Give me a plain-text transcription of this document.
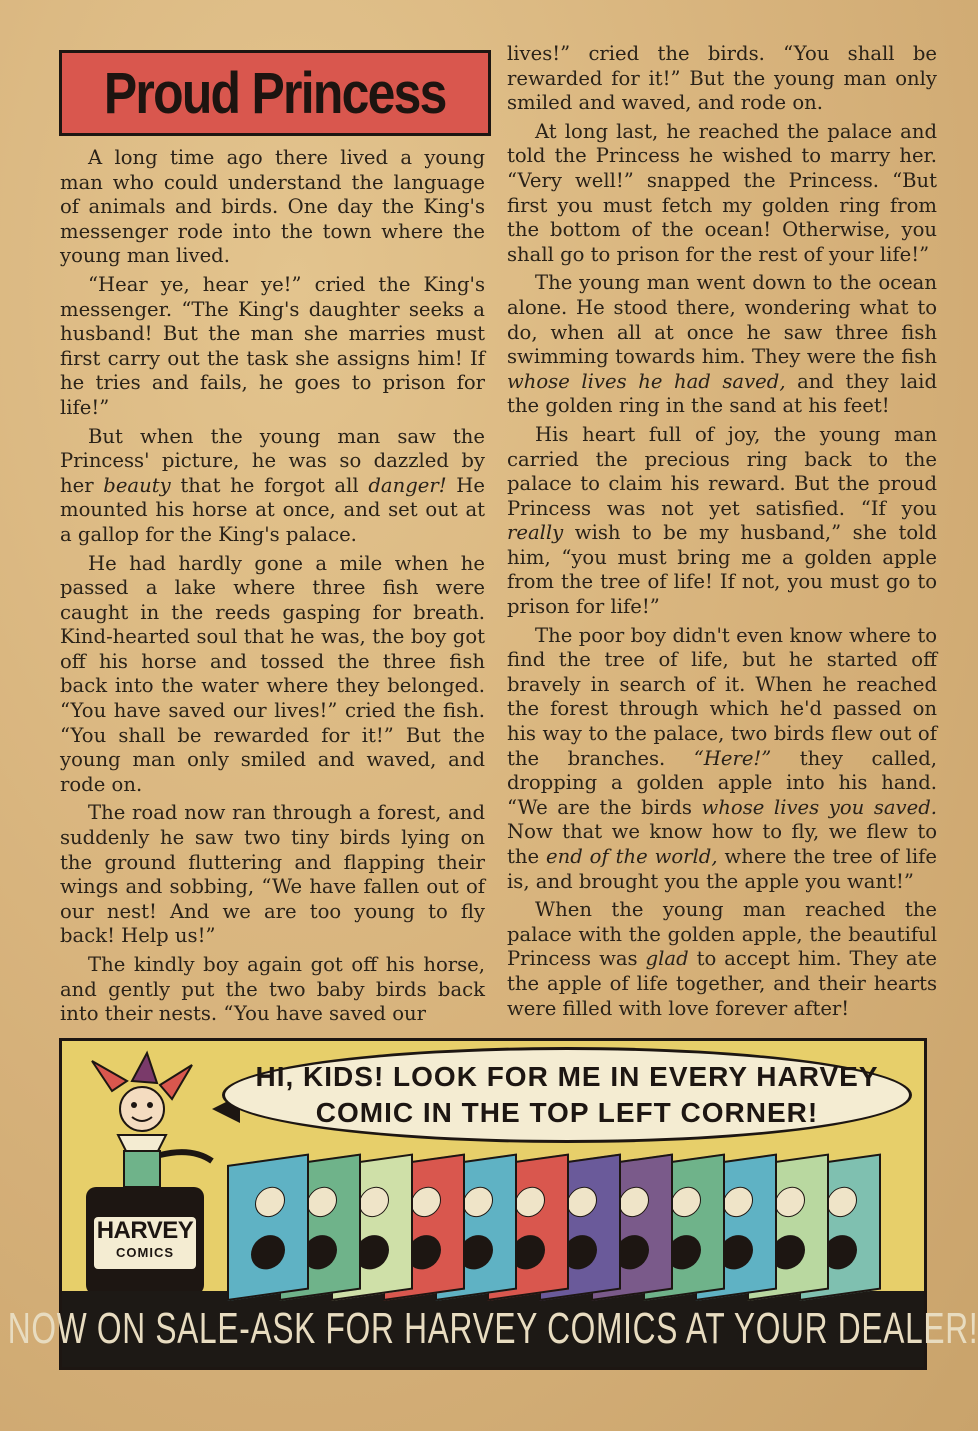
Proud Princess

A long time ago there lived a young man who could understand the language of animals and birds. One day the King's messenger rode into the town where the young man lived.

“Hear ye, hear ye!” cried the King's messenger. “The King's daughter seeks a husband! But the man she marries must first carry out the task she assigns him! If he tries and fails, he goes to prison for life!”

But when the young man saw the Princess' picture, he was so dazzled by her beauty that he forgot all danger! He mounted his horse at once, and set out at a gallop for the King's palace.

He had hardly gone a mile when he passed a lake where three fish were caught in the reeds gasping for breath. Kind-hearted soul that he was, the boy got off his horse and tossed the three fish back into the water where they belonged. “You have saved our lives!” cried the fish. “You shall be rewarded for it!” But the young man only smiled and waved, and rode on.

The road now ran through a forest, and suddenly he saw two tiny birds lying on the ground fluttering and flapping their wings and sobbing, “We have fallen out of our nest! And we are too young to fly back! Help us!”

The kindly boy again got off his horse, and gently put the two baby birds back into their nests. “You have saved our

lives!” cried the birds. “You shall be rewarded for it!” But the young man only smiled and waved, and rode on.

At long last, he reached the palace and told the Princess he wished to marry her. “Very well!” snapped the Princess. “But first you must fetch my golden ring from the bottom of the ocean! Otherwise, you shall go to prison for the rest of your life!”

The young man went down to the ocean alone. He stood there, wondering what to do, when all at once he saw three fish swimming towards him. They were the fish whose lives he had saved, and they laid the golden ring in the sand at his feet!

His heart full of joy, the young man carried the precious ring back to the palace to claim his reward. But the proud Princess was not yet satisfied. “If you really wish to be my husband,” she told him, “you must bring me a golden apple from the tree of life! If not, you must go to prison for life!”

The poor boy didn't even know where to find the tree of life, but he started off bravely in search of it. When he reached the forest through which he'd passed on his way to the palace, two birds flew out of the branches. “Here!” they called, dropping a golden apple into his hand. “We are the birds whose lives you saved. Now that we know how to fly, we flew to the end of the world, where the tree of life is, and brought you the apple you want!”

When the young man reached the palace with the golden apple, the beautiful Princess was glad to accept him. They ate the apple of life together, and their hearts were filled with love forever after!

HI, KIDS! LOOK FOR ME IN EVERY HARVEY
COMIC IN THE TOP LEFT CORNER!
HARVEY
COMICS
NOW ON SALE-ASK FOR HARVEY COMICS AT YOUR DEALER!
